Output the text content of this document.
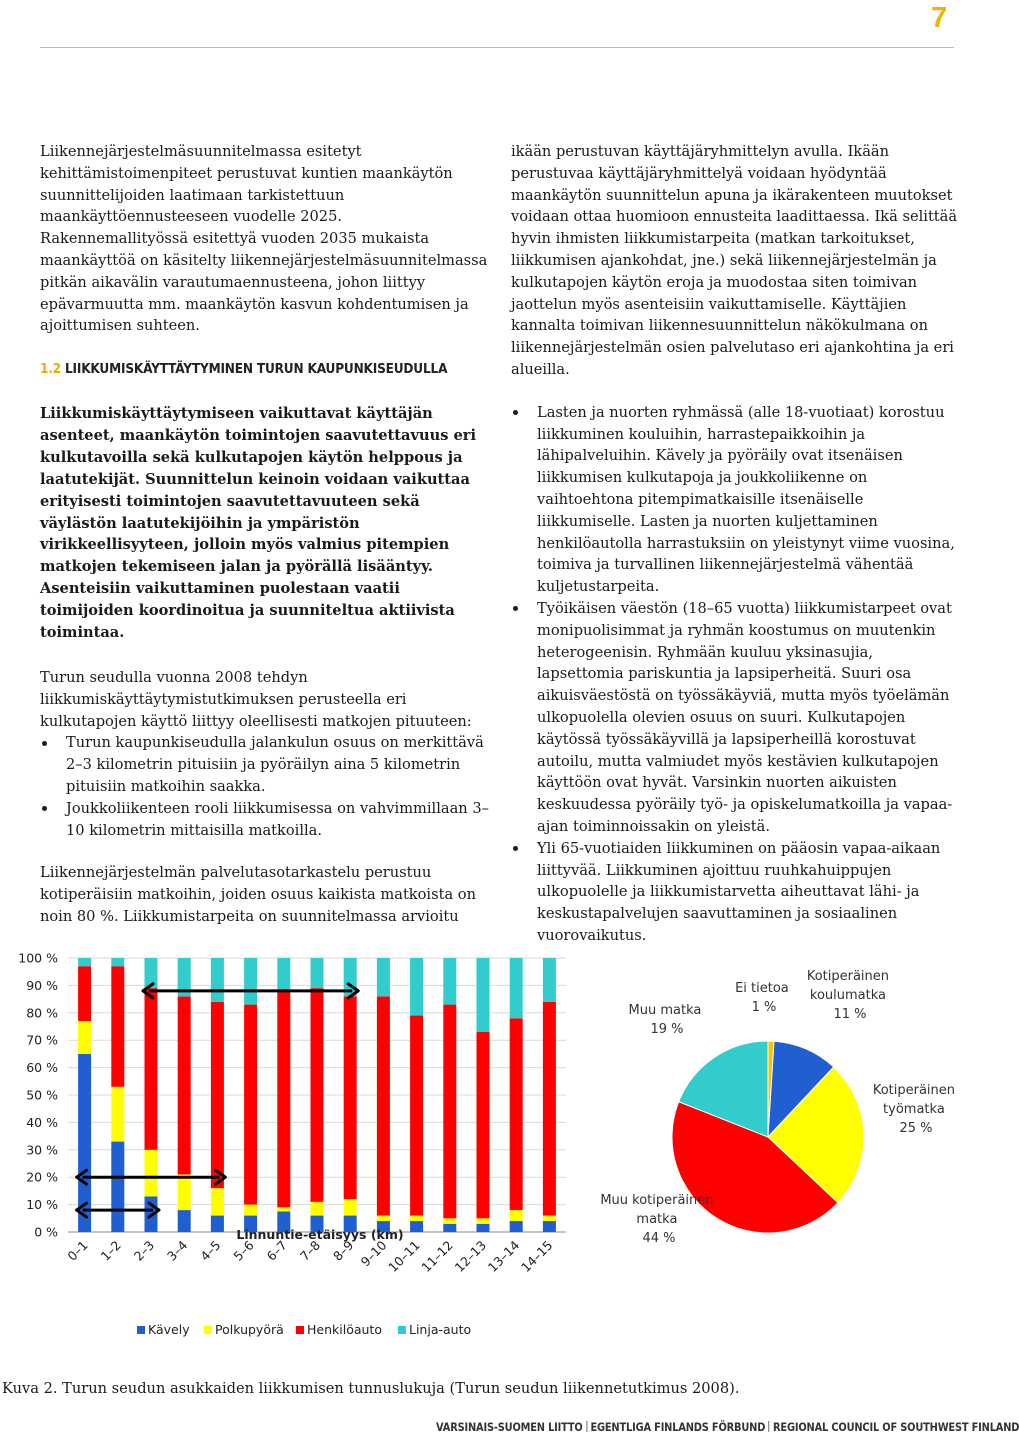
7

Liikennejärjestelmäsuunnitelmassa esitetyt kehittämistoimenpiteet perustuvat kuntien maankäytön suunnittelijoiden laatimaan tarkistettuun maankäyttöennusteeseen vuodelle 2025. Rakennemallityössä esitettyä vuoden 2035 mukaista maankäyttöä on käsitelty liikennejärjestelmäsuunnitelmassa pitkän aikavälin varautumaennusteena, johon liittyy epävarmuutta mm. maankäytön kasvun kohdentumisen ja ajoittumisen suhteen.

1.2 LIIKKUMISKÄYTTÄYTYMINEN TURUN KAUPUNKISEUDULLA

Liikkumiskäyttäytymiseen vaikuttavat käyttäjän asenteet, maankäytön toimintojen saavutettavuus eri kulkutavoilla sekä kulkutapojen käytön helppous ja laatutekijät. Suunnittelun keinoin voidaan vaikuttaa erityisesti toimintojen saavutettavuuteen sekä väylästön laatutekijöihin ja ympäristön virikkeellisyyteen, jolloin myös valmius pitempien matkojen tekemiseen jalan ja pyörällä lisääntyy. Asenteisiin vaikuttaminen puolestaan vaatii toimijoiden koordinoitua ja suunniteltua aktiivista toimintaa.

Turun seudulla vuonna 2008 tehdyn liikkumiskäyttäytymistutkimuksen perusteella eri kulkutapojen käyttö liittyy oleellisesti matkojen pituuteen:

Turun kaupunkiseudulla jalankulun osuus on merkittävä 2–3 kilometrin pituisiin ja pyöräilyn aina 5 kilometrin pituisiin matkoihin saakka.
Joukkoliikenteen rooli liikkumisessa on vahvimmillaan 3–10 kilometrin mittaisilla matkoilla.

Liikennejärjestelmän palvelutasotarkastelu perustuu kotiperäisiin matkoihin, joiden osuus kaikista matkoista on noin 80 %. Liikkumistarpeita on suunnitelmassa arvioitu

ikään perustuvan käyttäjäryhmittelyn avulla. Ikään perustuvaa käyttäjäryhmittelyä voidaan hyödyntää maankäytön suunnittelun apuna ja ikärakenteen muutokset voidaan ottaa huomioon ennusteita laadittaessa. Ikä selittää hyvin ihmisten liikkumistarpeita (matkan tarkoitukset, liikkumisen ajankohdat, jne.) sekä liikennejärjestelmän ja kulkutapojen käytön eroja ja muodostaa siten toimivan jaottelun myös asenteisiin vaikuttamiselle. Käyttäjien kannalta toimivan liikennesuunnittelun näkökulmana on liikennejärjestelmän osien palvelutaso eri ajankohtina ja eri alueilla.

Lasten ja nuorten ryhmässä (alle 18-vuotiaat) korostuu liikkuminen kouluihin, harrastepaikkoihin ja lähipalveluihin. Kävely ja pyöräily ovat itsenäisen liikkumisen kulkutapoja ja joukkoliikenne on vaihtoehtona pitempimatkaisille itsenäiselle liikkumiselle. Lasten ja nuorten kuljettaminen henkilöautolla harrastuksiin on yleistynyt viime vuosina, toimiva ja turvallinen liikennejärjestelmä vähentää kuljetustarpeita.
Työikäisen väestön (18–65 vuotta) liikkumistarpeet ovat monipuolisimmat ja ryhmän koostumus on muutenkin heterogeenisin. Ryhmään kuuluu yksinasujia, lapsettomia pariskuntia ja lapsiperheitä. Suuri osa aikuisväestöstä on työssäkäyviä, mutta myös työelämän ulkopuolella olevien osuus on suuri. Kulkutapojen käytössä työssäkäyvillä ja lapsiperheillä korostuvat autoilu, mutta valmiudet myös kestävien kulkutapojen käyttöön ovat hyvät. Varsinkin nuorten aikuisten keskuudessa pyöräily työ- ja opiskelumatkoilla ja vapaa-ajan toiminnoissakin on yleistä.
Yli 65-vuotiaiden liikkuminen on pääosin vapaa-aikaan liittyvää. Liikkuminen ajoittuu ruuhkahuippujen ulkopuolelle ja liikkumistarvetta aiheuttavat lähi- ja keskustapalvelujen saavuttaminen ja sosiaalinen vuorovaikutus.
0 %
10 %
20 %
30 %
40 %
50 %
60 %
70 %
80 %
90 %
100 %
0–1 1–2 2–3 3–4 4–5 5–6 6–7 7–8 8–9 9–10
10–11
11–12
12–13
13–14
14–15
Linnuntie-etäisyys (km)
Kävely Polkupyörä Henkilöauto Linja-auto
Ei tietoa 1 %
Kotiperäinen koulumatka 11 %
Kotiperäinen työmatka 25 %
Muu kotiperäinen matka 44 %
Muu matka 19 %
Kuva 2. Turun seudun asukkaiden liikkumisen tunnuslukuja (Turun seudun liikennetutkimus 2008).
VARSINAIS-SUOMEN LIITTO EGENTLIGA FINLANDS FÖRBUND REGIONAL COUNCIL OF SOUTHWEST FINLAND
